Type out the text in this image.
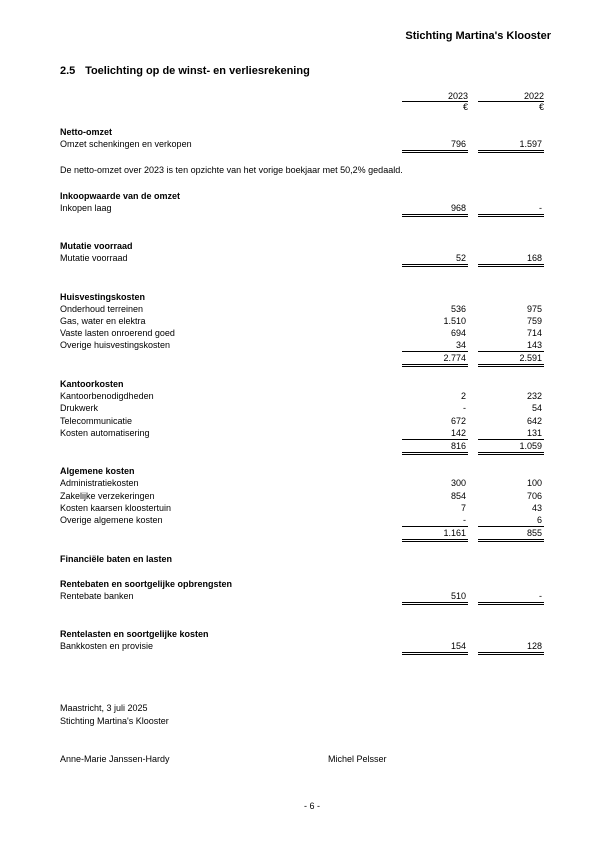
Stichting Martina's Klooster
2.5 Toelichting op de winst- en verliesrekening
2023	2022
€	€
Netto-omzet
Omzet schenkingen en verkopen	796	1.597
De netto-omzet over 2023 is ten opzichte van het vorige boekjaar met 50,2% gedaald.
Inkoopwaarde van de omzet
Inkopen laag	968	-
Mutatie voorraad
Mutatie voorraad	52	168
Huisvestingskosten
Onderhoud terreinen	536	975
Gas, water en elektra	1.510	759
Vaste lasten onroerend goed	694	714
Overige huisvestingskosten	34	143
2.774	2.591
Kantoorkosten
Kantoorbenodigdheden	2	232
Drukwerk	-	54
Telecommunicatie	672	642
Kosten automatisering	142	131
816	1.059
Algemene kosten
Administratiekosten	300	100
Zakelijke verzekeringen	854	706
Kosten kaarsen kloostertuin	7	43
Overige algemene kosten	-	6
1.161	855
Financiële baten en lasten
Rentebaten en soortgelijke opbrengsten
Rentebate banken	510	-
Rentelasten en soortgelijke kosten
Bankkosten en provisie	154	128
Maastricht, 3 juli 2025
Stichting Martina's Klooster
Anne-Marie Janssen-Hardy	Michel Pelsser
- 6 -
